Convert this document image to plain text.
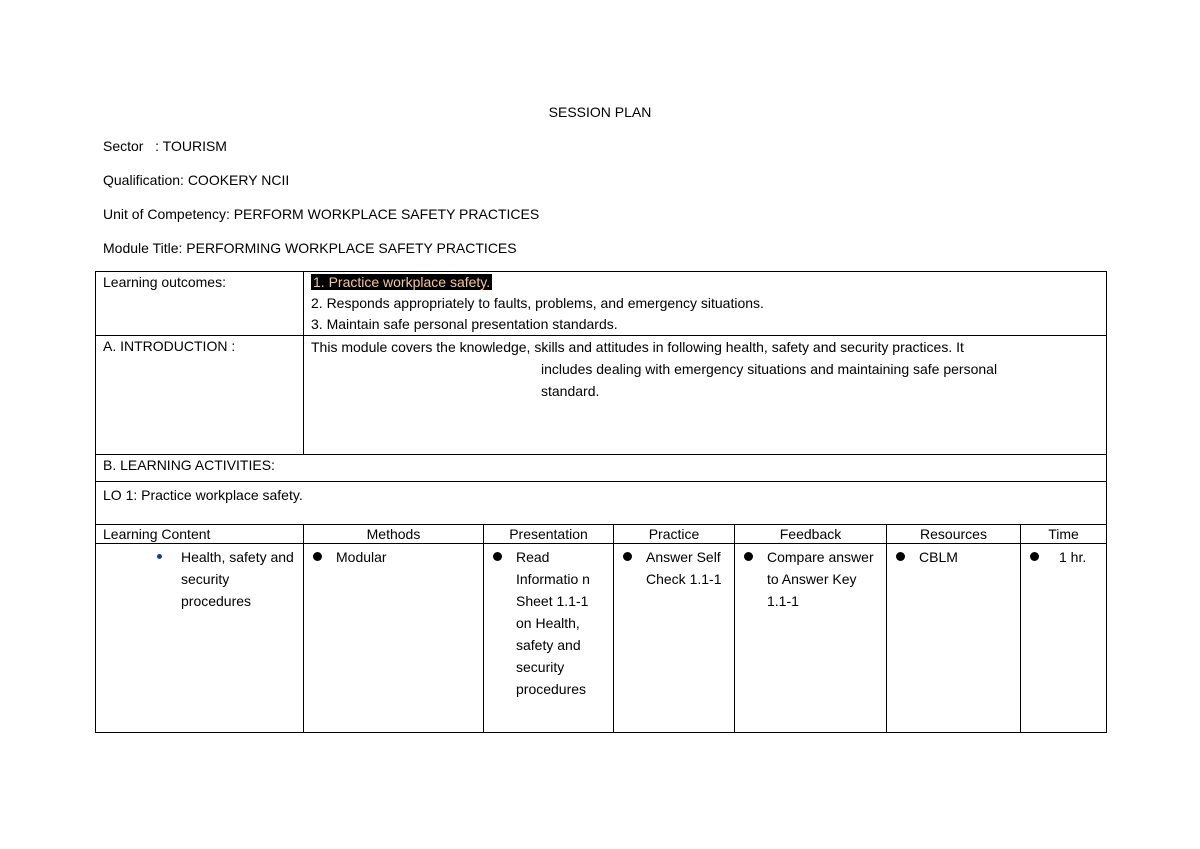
SESSION PLAN
Sector   : TOURISM
Qualification: COOKERY NCII
Unit of Competency: PERFORM WORKPLACE SAFETY PRACTICES
Module Title: PERFORMING WORKPLACE SAFETY PRACTICES
Learning outcomes:	1. Practice workplace safety.
2. Responds appropriately to faults, problems, and emergency situations.
3. Maintain safe personal presentation standards.					

A. INTRODUCTION :	This module covers the knowledge, skills and attitudes in following health, safety and security practices. It
includes dealing with emergency situations and maintaining safe personal
standard.					

B. LEARNING ACTIVITIES:						
LO 1: Practice workplace safety.						
Learning Content	Methods	Presentation	Practice	Feedback	Resources	Time

Health, safety and security procedures	Modular	Read Informatio n Sheet 1.1-1 on Health, safety and security procedures	Answer Self Check 1.1-1	Compare answer to Answer Key 1.1-1	CBLM	1 hr.
